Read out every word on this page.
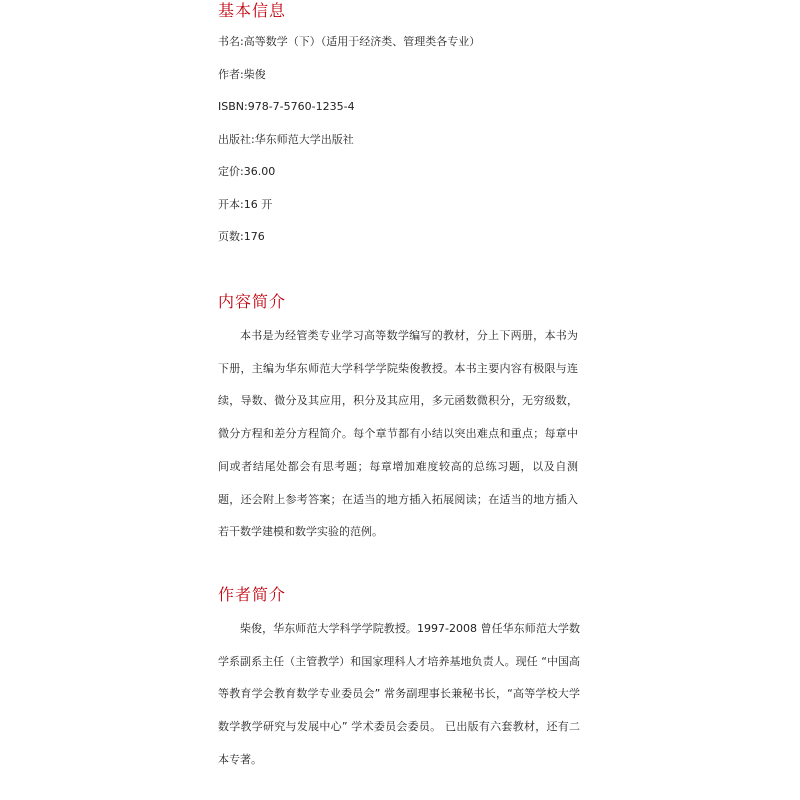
基本信息
书名:高等数学（下）（适用于经济类、管理类各专业）
作者:柴俊
ISBN:978-7-5760-1235-4
出版社:华东师范大学出版社
定价:36.00
开本:16 开
页数:176
内容简介

本书是为经管类专业学习高等数学编写的教材，分上下两册，本书为下册，主编为华东师范大学科学学院柴俊教授。本书主要内容有极限与连续，导数、微分及其应用，积分及其应用，多元函数微积分，无穷级数，微分方程和差分方程简介。每个章节都有小结以突出难点和重点；每章中间或者结尾处都会有思考题；每章增加难度较高的总练习题，以及自测题，还会附上参考答案；在适当的地方插入拓展阅读；在适当的地方插入若干数学建模和数学实验的范例。

作者简介

柴俊，华东师范大学科学学院教授。1997-2008 曾任华东师范大学数学系副系主任（主管教学）和国家理科人才培养基地负责人。现任 “中国高等教育学会教育数学专业委员会” 常务副理事长兼秘书长，“高等学校大学数学教学研究与发展中心” 学术委员会委员。 已出版有六套教材，还有二本专著。
